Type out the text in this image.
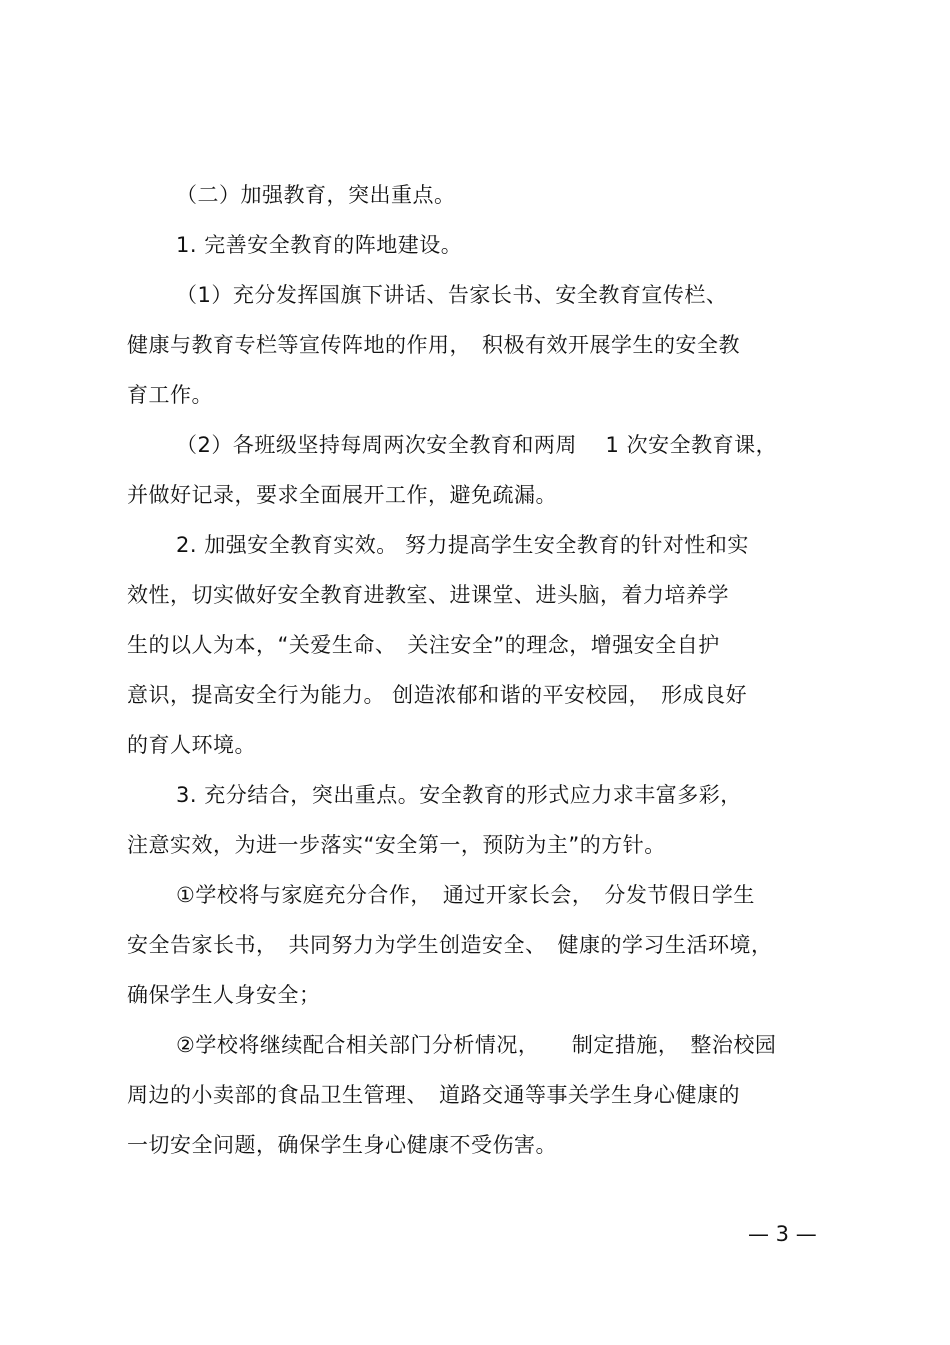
（二）加强教育，突出重点。
1. 完善安全教育的阵地建设。
（1）充分发挥国旗下讲话、告家长书、安全教育宣传栏、
健康与教育专栏等宣传阵地的作用，　积极有效开展学生的安全教
育工作。
（2）各班级坚持每周两次安全教育和两周　 1 次安全教育课，
并做好记录，要求全面展开工作，避免疏漏。
2. 加强安全教育实效。 努力提高学生安全教育的针对性和实
效性，切实做好安全教育进教室、进课堂、进头脑，着力培养学
生的以人为本，“关爱生命、　关注安全”的理念，增强安全自护
意识，提高安全行为能力。 创造浓郁和谐的平安校园，　形成良好
的育人环境。
3. 充分结合，突出重点。安全教育的形式应力求丰富多彩，
注意实效，为进一步落实“安全第一，预防为主”的方针。
①学校将与家庭充分合作，　通过开家长会，　分发节假日学生
安全告家长书，　共同努力为学生创造安全、　健康的学习生活环境，
确保学生人身安全；
②学校将继续配合相关部门分析情况，　　制定措施，　整治校园
周边的小卖部的食品卫生管理、　道路交通等事关学生身心健康的
一切安全问题，确保学生身心健康不受伤害。
— 3 —
